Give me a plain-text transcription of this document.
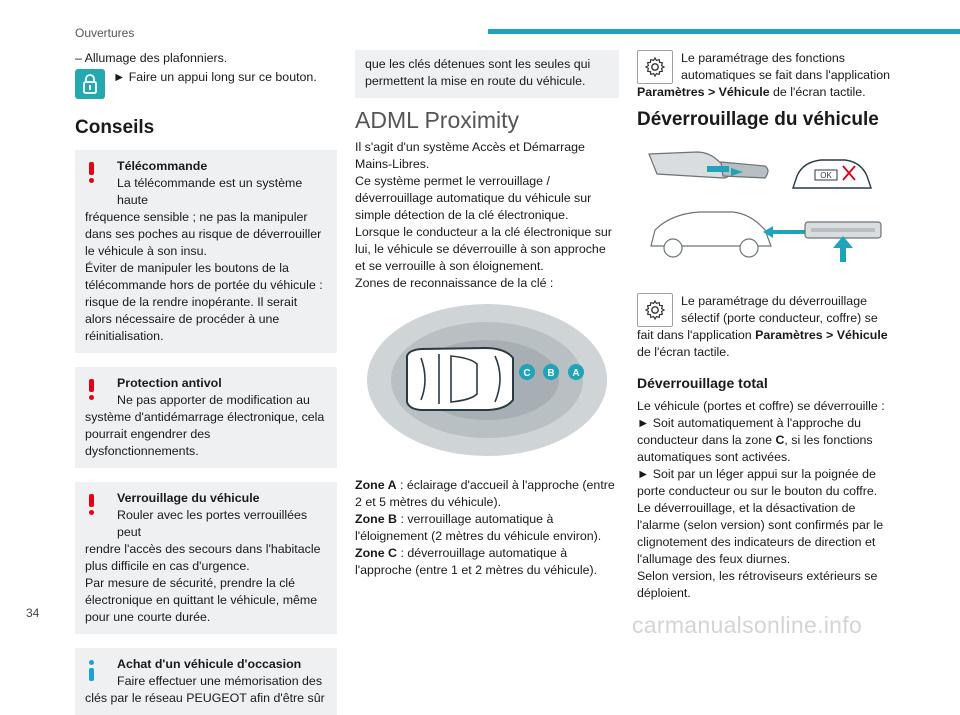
Ouvertures
– Allumage des plafonniers.
► Faire un appui long sur ce bouton.
Conseils
Télécommande
La télécommande est un système haute
fréquence sensible ; ne pas la manipuler dans ses poches au risque de déverrouiller le véhicule à son insu.
Éviter de manipuler les boutons de la télécommande hors de portée du véhicule : risque de la rendre inopérante. Il serait alors nécessaire de procéder à une réinitialisation.
Protection antivol
Ne pas apporter de modification au
système d'antidémarrage électronique, cela pourrait engendrer des dysfonctionnements.
Verrouillage du véhicule
Rouler avec les portes verrouillées peut
rendre l'accès des secours dans l'habitacle plus difficile en cas d'urgence.
Par mesure de sécurité, prendre la clé électronique en quittant le véhicule, même pour une courte durée.
Achat d'un véhicule d'occasion
Faire effectuer une mémorisation des
clés par le réseau PEUGEOT afin d'être sûr
que les clés détenues sont les seules qui permettent la mise en route du véhicule.
ADML Proximity
Il s'agit d'un système Accès et Démarrage Mains-Libres.
Ce système permet le verrouillage / déverrouillage automatique du véhicule sur simple détection de la clé électronique.
Lorsque le conducteur a la clé électronique sur lui, le véhicule se déverrouille à son approche et se verrouille à son éloignement.
Zones de reconnaissance de la clé :
C B A
Zone A : éclairage d'accueil à l'approche (entre 2 et 5 mètres du véhicule).
Zone B : verrouillage automatique à l'éloignement (2 mètres du véhicule environ).
Zone C : déverrouillage automatique à l'approche (entre 1 et 2 mètres du véhicule).
Le paramétrage des fonctions automatiques se fait dans l'application Paramètres > Véhicule de l'écran tactile.
Déverrouillage du véhicule
OK
Le paramétrage du déverrouillage sélectif (porte conducteur, coffre) se fait dans l'application Paramètres > Véhicule de l'écran tactile.
Déverrouillage total
Le véhicule (portes et coffre) se déverrouille :
► Soit automatiquement à l'approche du conducteur dans la zone C, si les fonctions automatiques sont activées.
► Soit par un léger appui sur la poignée de porte conducteur ou sur le bouton du coffre.
Le déverrouillage, et la désactivation de l'alarme (selon version) sont confirmés par le clignotement des indicateurs de direction et l'allumage des feux diurnes.
Selon version, les rétroviseurs extérieurs se déploient.
34	carmanualsonline.info
